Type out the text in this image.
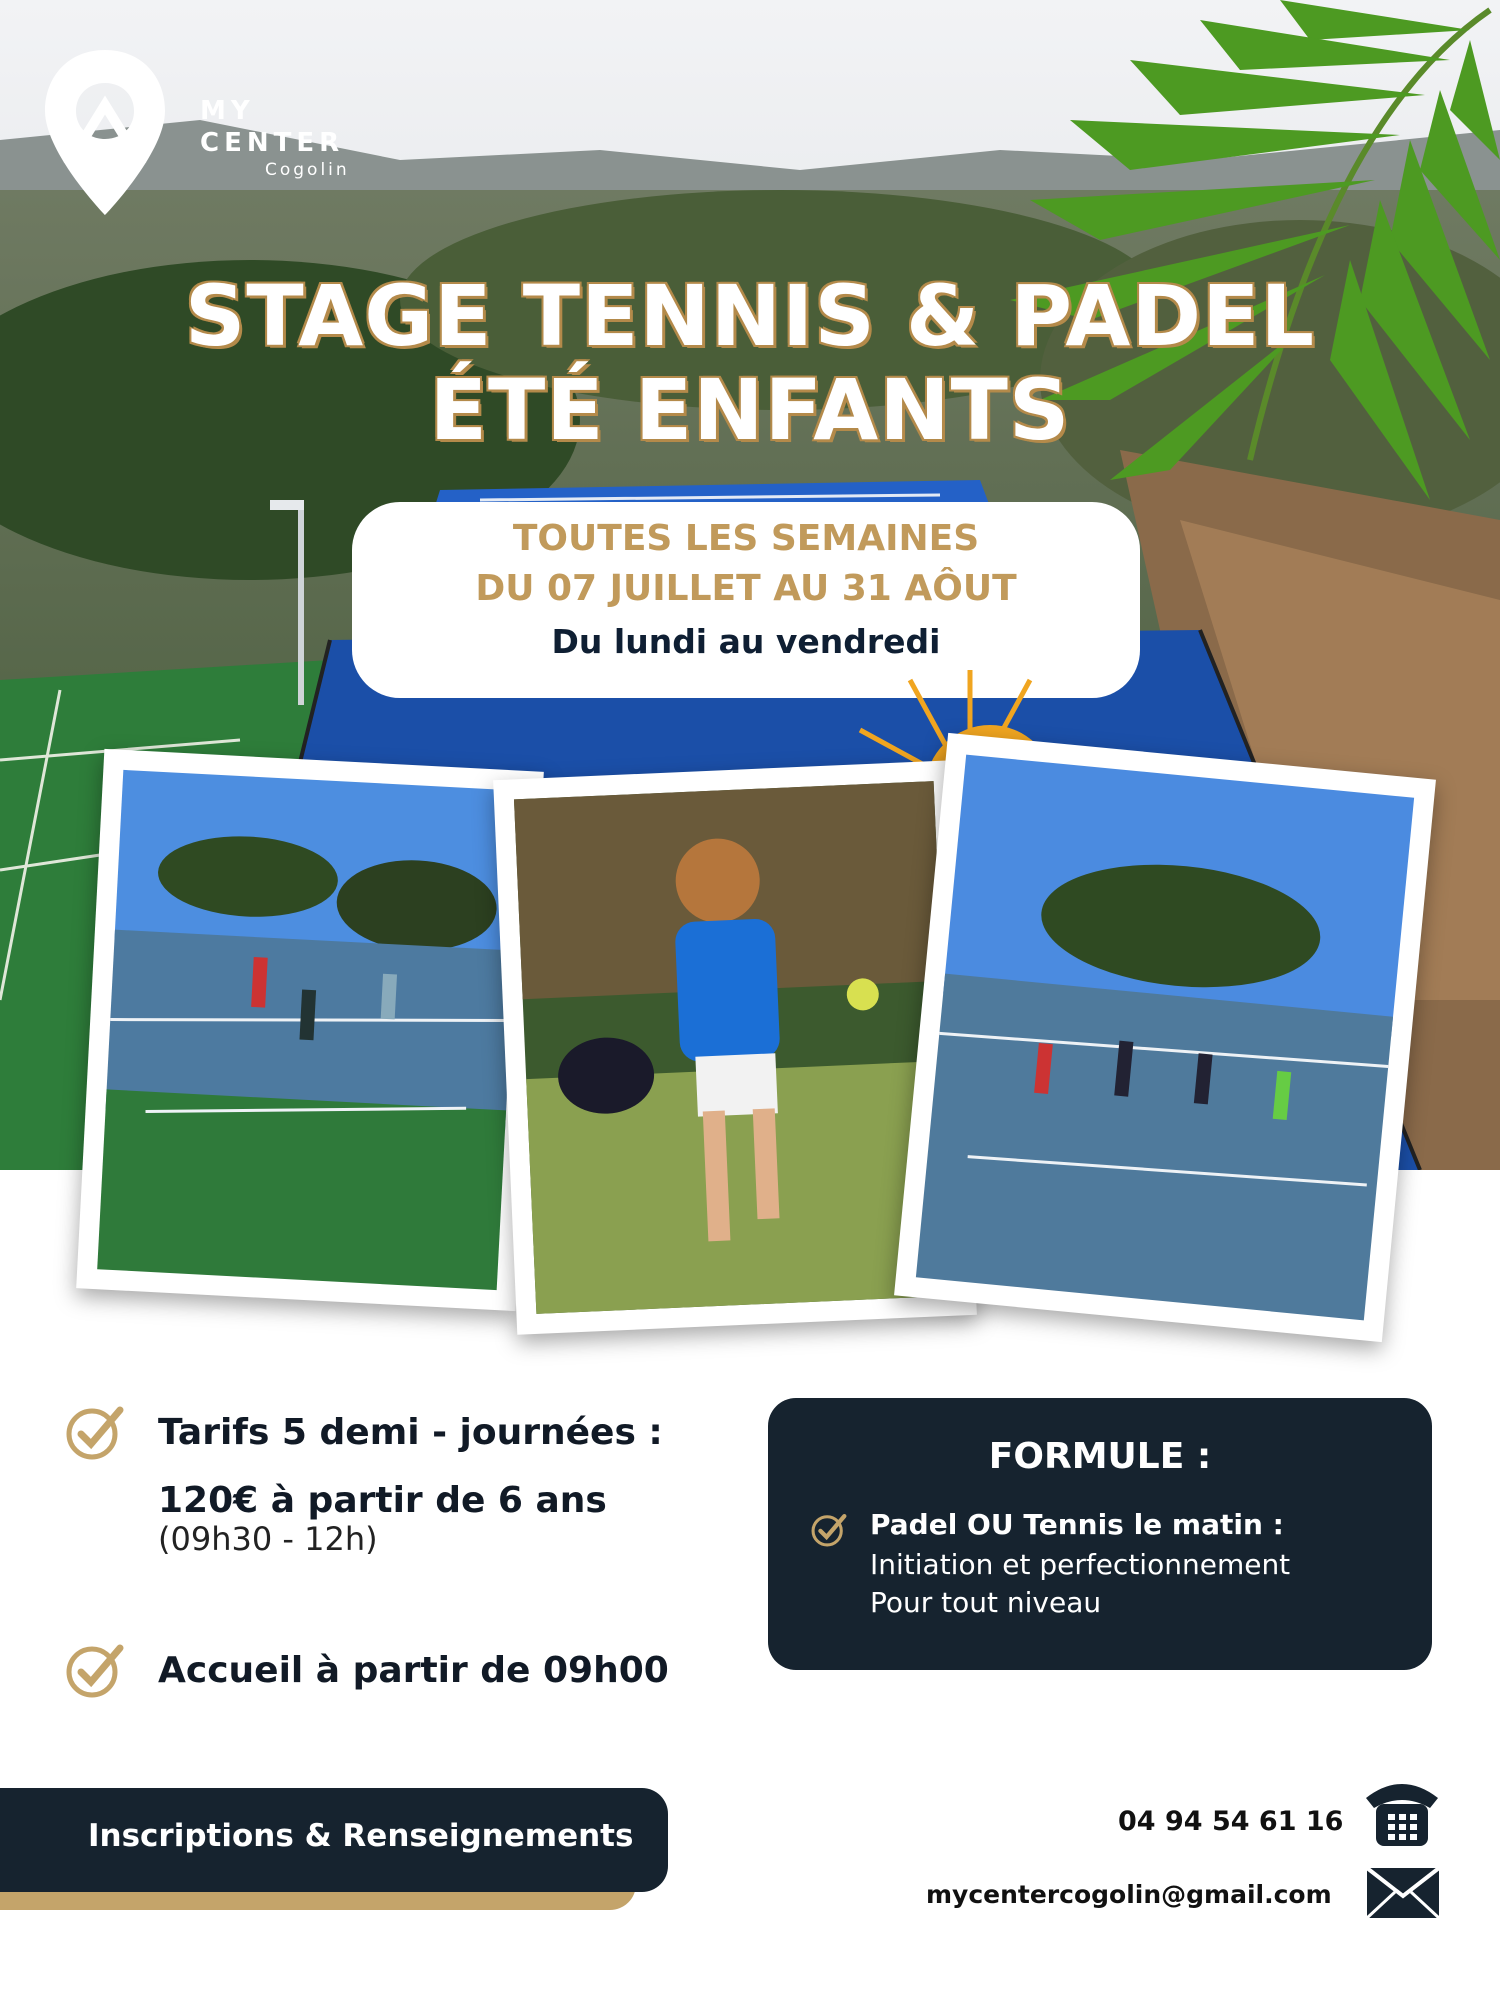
MY
CENTER
Cogolin
STAGE TENNIS & PADEL
ÉTÉ ENFANTS
TOUTES LES SEMAINES
DU 07 JUILLET AU 31 AÔUT
Du lundi au vendredi
Tarifs 5 demi - journées :
120€ à partir de 6 ans
(09h30 - 12h)
Accueil à partir de 09h00
FORMULE :
Padel OU Tennis le matin :
Initiation et perfectionnement
Pour tout niveau
Inscriptions & Renseignements	04 94 54 61 16
mycentercogolin@gmail.com
